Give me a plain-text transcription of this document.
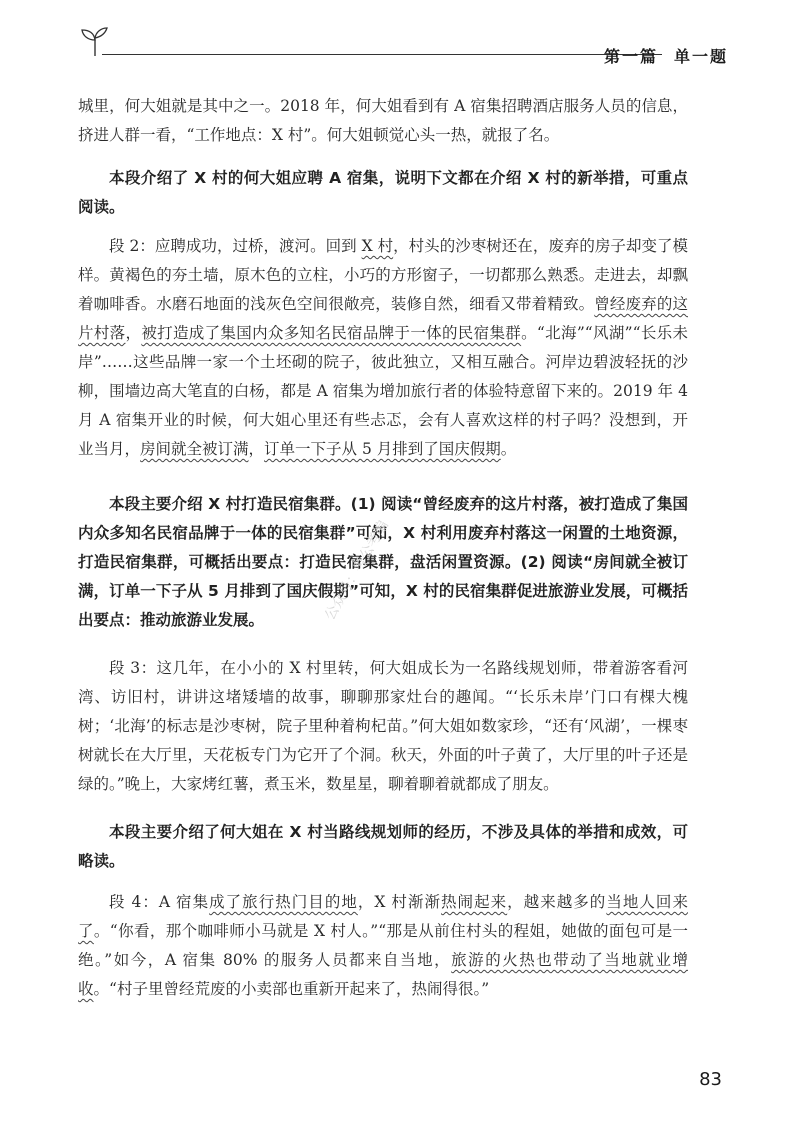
第一篇 单一题

城里，何大姐就是其中之一。2018 年，何大姐看到有 A 宿集招聘酒店服务人员的信息，挤进人群一看，“工作地点：X 村”。何大姐顿觉心头一热，就报了名。

本段介绍了 X 村的何大姐应聘 A 宿集，说明下文都在介绍 X 村的新举措，可重点阅读。

段 2：应聘成功，过桥，渡河。回到 X 村，村头的沙枣树还在，废弃的房子却变了模样。黄褐色的夯土墙，原木色的立柱，小巧的方形窗子，一切都那么熟悉。走进去，却飘着咖啡香。水磨石地面的浅灰色空间很敞亮，装修自然，细看又带着精致。曾经废弃的这片村落，被打造成了集国内众多知名民宿品牌于一体的民宿集群。“北海”“风湖”“长乐未岸”……这些品牌一家一个土坯砌的院子，彼此独立，又相互融合。河岸边碧波轻抚的沙柳，围墙边高大笔直的白杨，都是 A 宿集为增加旅行者的体验特意留下来的。2019 年 4 月 A 宿集开业的时候，何大姐心里还有些忐忑，会有人喜欢这样的村子吗？没想到，开业当月，房间就全被订满，订单一下子从 5 月排到了国庆假期。

本段主要介绍 X 村打造民宿集群。(1) 阅读“曾经废弃的这片村落，被打造成了集国内众多知名民宿品牌于一体的民宿集群”可知，X 村利用废弃村落这一闲置的土地资源，打造民宿集群，可概括出要点：打造民宿集群，盘活闲置资源。(2) 阅读“房间就全被订满，订单一下子从 5 月排到了国庆假期”可知，X 村的民宿集群促进旅游业发展，可概括出要点：推动旅游业发展。

段 3：这几年，在小小的 X 村里转，何大姐成长为一名路线规划师，带着游客看河湾、访旧村，讲讲这堵矮墙的故事，聊聊那家灶台的趣闻。“‘长乐未岸’门口有棵大槐树；‘北海’的标志是沙枣树，院子里种着枸杞苗。”何大姐如数家珍，“还有‘风湖’，一棵枣树就长在大厅里，天花板专门为它开了个洞。秋天，外面的叶子黄了，大厅里的叶子还是绿的。”晚上，大家烤红薯，煮玉米，数星星，聊着聊着就都成了朋友。

本段主要介绍了何大姐在 X 村当路线规划师的经历，不涉及具体的举措和成效，可略读。

段 4：A 宿集成了旅行热门目的地，X 村渐渐热闹起来，越来越多的当地人回来了。“你看，那个咖啡师小马就是 X 村人。”“那是从前住村头的程姐，她做的面包可是一绝。”如今，A 宿集 80% 的服务人员都来自当地，旅游的火热也带动了当地就业增收。“村子里曾经荒废的小卖部也重新开起来了，热闹得很。”

公众号：考公考编
83
